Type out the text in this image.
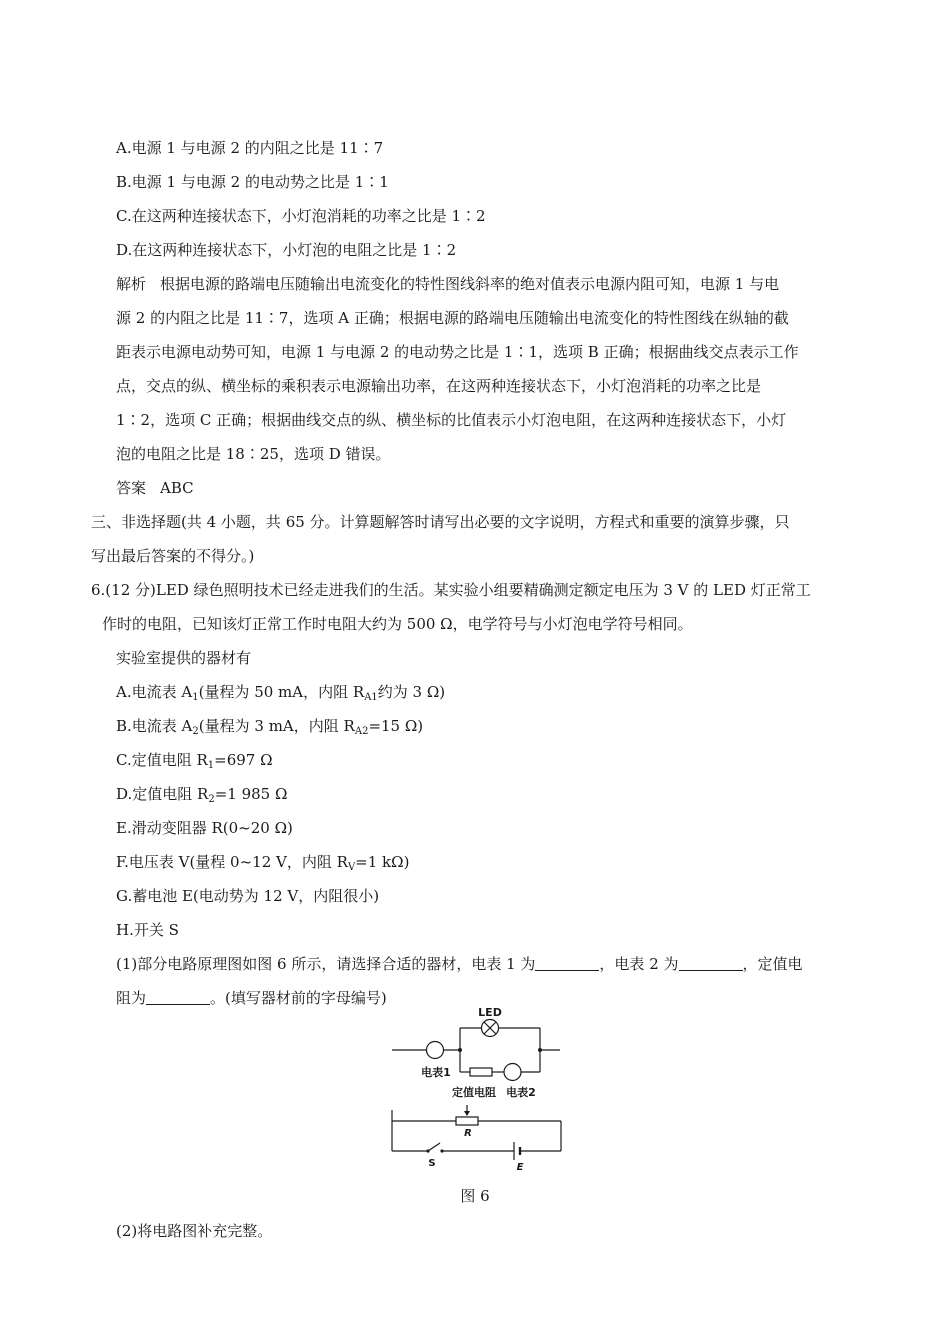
A.电源 1 与电源 2 的内阻之比是 11∶7
B.电源 1 与电源 2 的电动势之比是 1∶1
C.在这两种连接状态下，小灯泡消耗的功率之比是 1∶2
D.在这两种连接状态下，小灯泡的电阻之比是 1∶2
解析 根据电源的路端电压随输出电流变化的特性图线斜率的绝对值表示电源内阻可知，电源 1 与电
源 2 的内阻之比是 11∶7，选项 A 正确；根据电源的路端电压随输出电流变化的特性图线在纵轴的截
距表示电源电动势可知，电源 1 与电源 2 的电动势之比是 1∶1，选项 B 正确；根据曲线交点表示工作
点，交点的纵、横坐标的乘积表示电源输出功率，在这两种连接状态下，小灯泡消耗的功率之比是
1∶2，选项 C 正确；根据曲线交点的纵、横坐标的比值表示小灯泡电阻，在这两种连接状态下，小灯
泡的电阻之比是 18∶25，选项 D 错误。
答案 ABC
三、非选择题(共 4 小题，共 65 分。计算题解答时请写出必要的文字说明，方程式和重要的演算步骤，只
写出最后答案的不得分。)
6.(12 分)LED 绿色照明技术已经走进我们的生活。某实验小组要精确测定额定电压为 3 V 的 LED 灯正常工
作时的电阻，已知该灯正常工作时电阻大约为 500 Ω，电学符号与小灯泡电学符号相同。
实验室提供的器材有
A.电流表 $A_1$(量程为 50 mA，内阻 $R_{A1}$约为 3 Ω)
B.电流表 $A_2$(量程为 3 mA，内阻 $R_{A2}=15$ Ω)
C.定值电阻 $R_1=697$ Ω
D.定值电阻 $R_2=1$ 985 Ω
E.滑动变阻器 R(0~20 Ω)
F.电压表 V(量程 0~12 V，内阻 $R_V=1$ kΩ)
G.蓄电池 E(电动势为 12 V，内阻很小)
H.开关 S
(1)部分电路原理图如图 6 所示，请选择合适的器材，电表 1 为	，电表 2 为	，定值电
阻为	。(填写器材前的字母编号)
LED
电表1
定值电阻 电表2
R
S	E
图 6
(2)将电路图补充完整。
